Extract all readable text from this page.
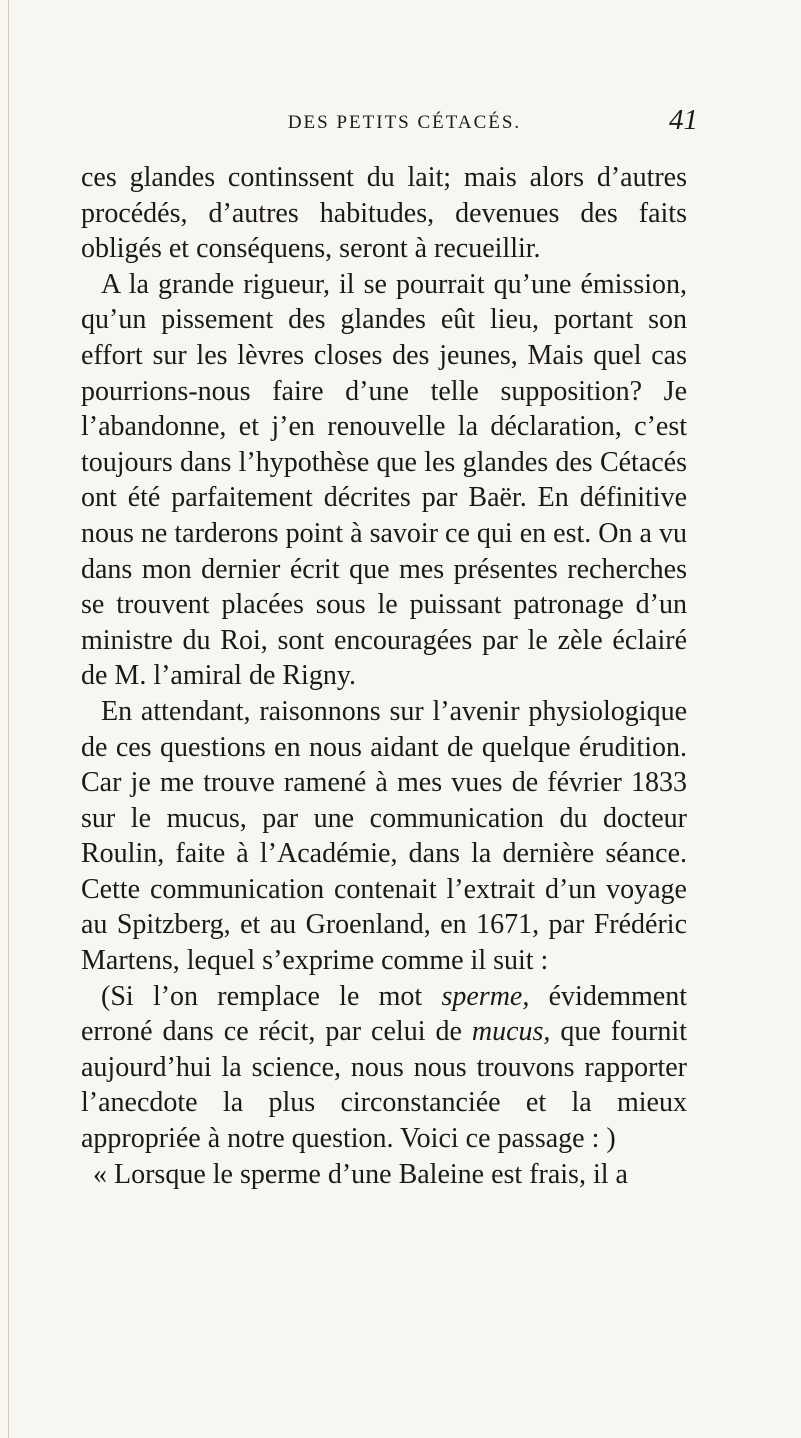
DES PETITS CÉTACÉS.	41

ces glandes continssent du lait; mais alors d’autres procédés, d’autres habitudes, devenues des faits obligés et conséquens, seront à recueillir.

A la grande rigueur, il se pourrait qu’une émission, qu’un pissement des glandes eût lieu, portant son effort sur les lèvres closes des jeunes, Mais quel cas pourrions-nous faire d’une telle supposition? Je l’abandonne, et j’en renouvelle la déclaration, c’est toujours dans l’hypothèse que les glandes des Cétacés ont été parfaitement décrites par Baër. En définitive nous ne tarderons point à savoir ce qui en est. On a vu dans mon dernier écrit que mes présentes recherches se trouvent placées sous le puissant patronage d’un ministre du Roi, sont encouragées par le zèle éclairé de M. l’amiral de Rigny.

En attendant, raisonnons sur l’avenir physiologique de ces questions en nous aidant de quelque érudition. Car je me trouve ramené à mes vues de février 1833 sur le mucus, par une communication du docteur Roulin, faite à l’Académie, dans la dernière séance. Cette communication contenait l’extrait d’un voyage au Spitzberg, et au Groenland, en 1671, par Frédéric Martens, lequel s’exprime comme il suit :

(Si l’on remplace le mot sperme, évidemment erroné dans ce récit, par celui de mucus, que fournit aujourd’hui la science, nous nous trouvons rapporter l’anecdote la plus circonstanciée et la mieux appropriée à notre question. Voici ce passage : )

« Lorsque le sperme d’une Baleine est frais, il a
